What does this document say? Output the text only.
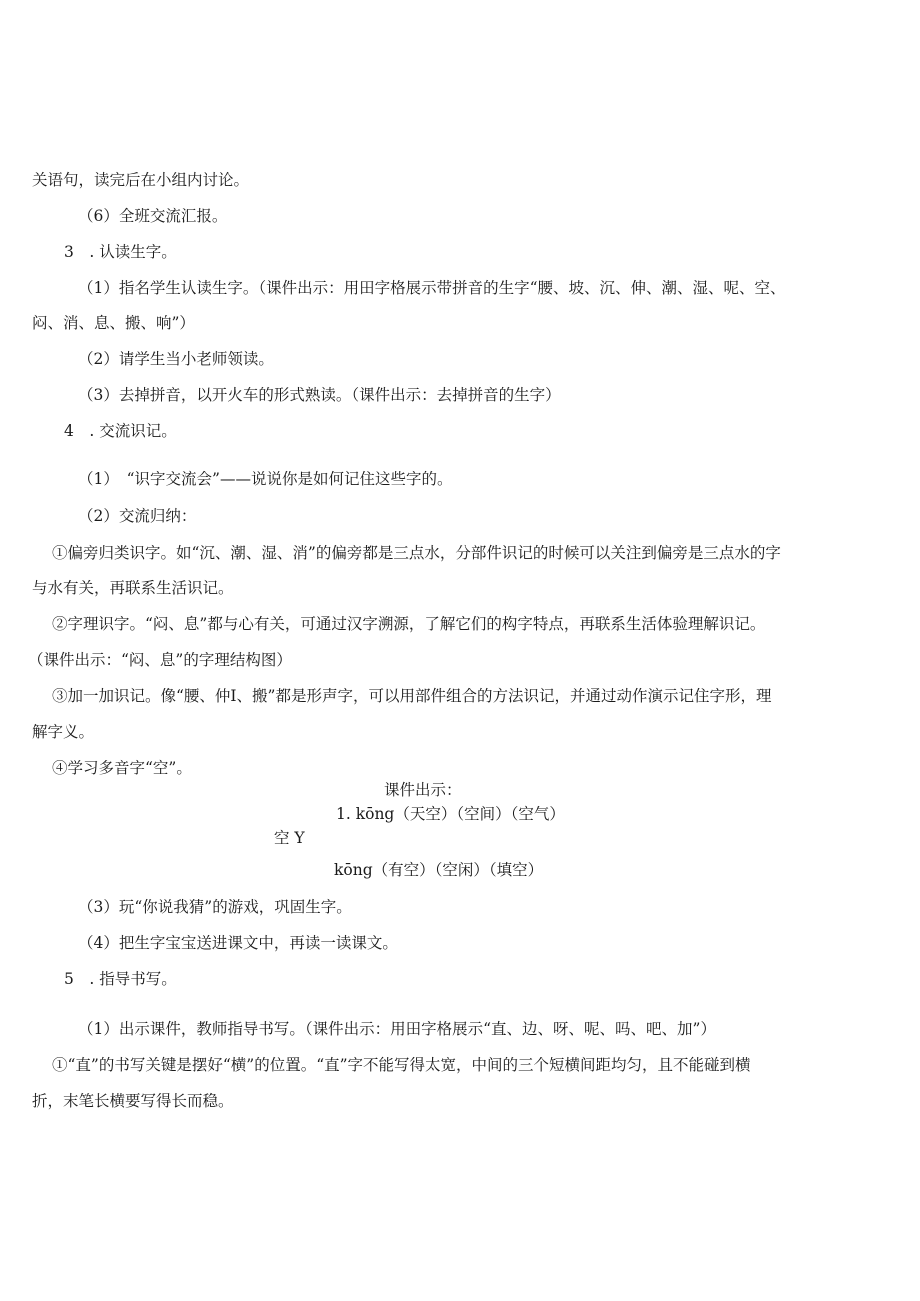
关语句，读完后在小组内讨论。
（6）全班交流汇报。
3　. 认读生字。
（1）指名学生认读生字。（课件出示：用田字格展示带拼音的生字“腰、坡、沉、伸、潮、湿、呢、空、
闷、消、息、搬、响”）
（2）请学生当小老师领读。
（3）去掉拼音，以开火车的形式熟读。（课件出示：去掉拼音的生字）
4　. 交流识记。
（1）　“识字交流会”——说说你是如何记住这些字的。
（2）交流归纳：
①偏旁归类识字。如“沉、潮、湿、消”的偏旁都是三点水，分部件识记的时候可以关注到偏旁是三点水的字
与水有关，再联系生活识记。
②字理识字。“闷、息”都与心有关，可通过汉字溯源，了解它们的构字特点，再联系生活体验理解识记。
（课件出示：“闷、息”的字理结构图）
③加一加识记。像“腰、仲I、搬”都是形声字，可以用部件组合的方法识记，并通过动作演示记住字形，理
解字义。
④学习多音字“空”。
课件出示：
1. kōng（天空）（空间）（空气）
空 Y
kōng（有空）（空闲）（填空）
（3）玩“你说我猜”的游戏，巩固生字。
（4）把生字宝宝送进课文中，再读一读课文。
5　. 指导书写。
（1）出示课件，教师指导书写。（课件出示：用田字格展示“直、边、呀、呢、吗、吧、加”）
①“直”的书写关键是摆好“横”的位置。“直”字不能写得太宽，中间的三个短横间距均匀，且不能碰到横
折，末笔长横要写得长而稳。
